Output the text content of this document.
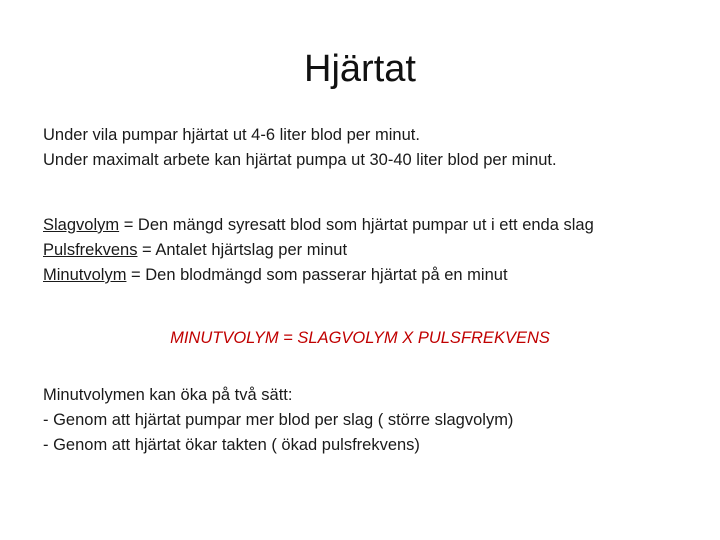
Hjärtat
Under vila pumpar hjärtat ut 4-6 liter blod per minut.
Under maximalt arbete kan hjärtat pumpa ut 30-40 liter blod per minut.
Slagvolym = Den mängd syresatt blod som hjärtat pumpar ut i ett enda slag
Pulsfrekvens = Antalet hjärtslag per minut
Minutvolym = Den blodmängd som passerar hjärtat på en minut
MINUTVOLYM = SLAGVOLYM X PULSFREKVENS
Minutvolymen kan öka på två sätt:
- Genom att hjärtat pumpar mer blod per slag ( större slagvolym)
- Genom att hjärtat ökar takten ( ökad pulsfrekvens)
